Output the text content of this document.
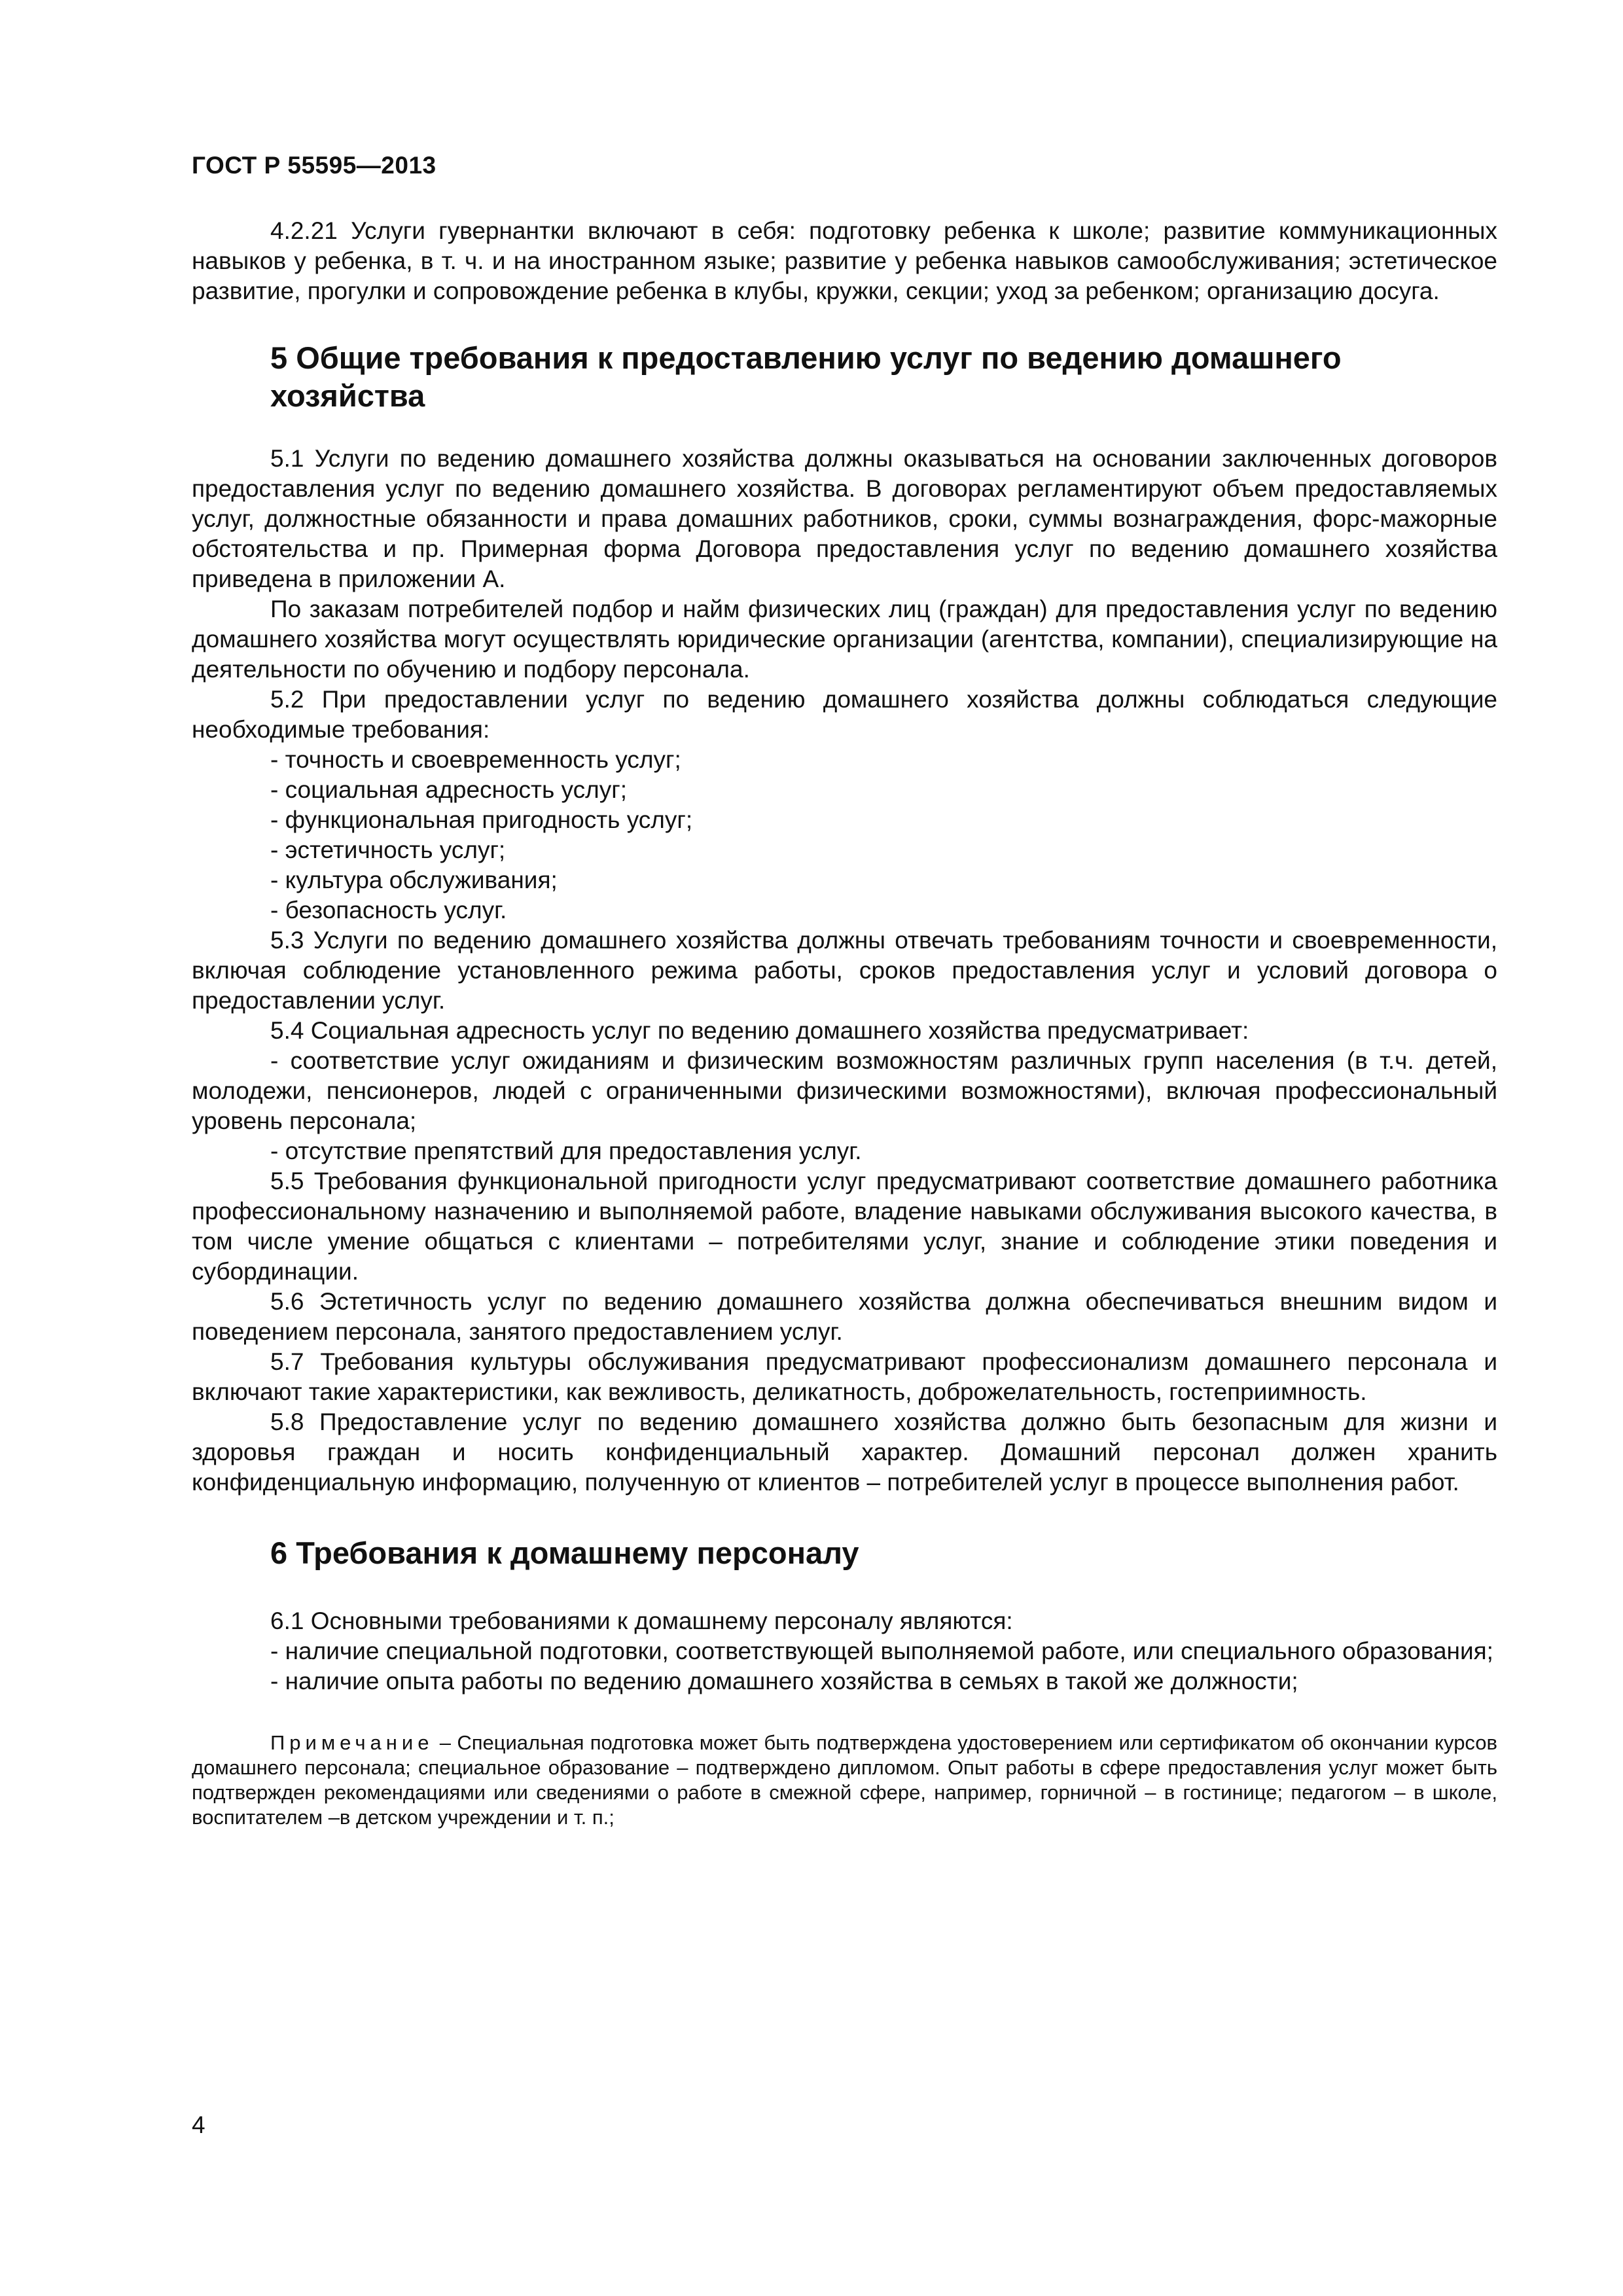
ГОСТ Р 55595—2013

4.2.21 Услуги гувернантки включают в себя: подготовку ребенка к школе; развитие коммуникационных навыков у ребенка, в т. ч. и на иностранном языке; развитие у ребенка навыков самообслуживания; эстетическое развитие, прогулки и сопровождение ребенка в клубы, кружки, секции; уход за ребенком; организацию досуга.

5 Общие требования к предоставлению услуг по ведению домашнего хозяйства

5.1 Услуги по ведению домашнего хозяйства должны оказываться на основании заключенных договоров предоставления услуг по ведению домашнего хозяйства. В договорах регламентируют объем предоставляемых услуг, должностные обязанности и права домашних работников, сроки, суммы вознаграждения, форс-мажорные обстоятельства и пр. Примерная форма Договора предоставления услуг по ведению домашнего хозяйства приведена в приложении А.

По заказам потребителей подбор и найм физических лиц (граждан) для предоставления услуг по ведению домашнего хозяйства могут осуществлять юридические организации (агентства, компании), специализирующие на деятельности по обучению и подбору персонала.

5.2 При предоставлении услуг по ведению домашнего хозяйства должны соблюдаться следующие необходимые требования:

- точность и своевременность услуг;

- социальная адресность услуг;

- функциональная пригодность услуг;

- эстетичность услуг;

- культура обслуживания;

- безопасность услуг.

5.3 Услуги по ведению домашнего хозяйства должны отвечать требованиям точности и своевременности, включая соблюдение установленного режима работы, сроков предоставления услуг и условий договора о предоставлении услуг.

5.4 Социальная адресность услуг по ведению домашнего хозяйства предусматривает:

- соответствие услуг ожиданиям и физическим возможностям различных групп населения (в т.ч. детей, молодежи, пенсионеров, людей с ограниченными физическими возможностями), включая профессиональный уровень персонала;

- отсутствие препятствий для предоставления услуг.

5.5 Требования функциональной пригодности услуг предусматривают соответствие домашнего работника профессиональному назначению и выполняемой работе, владение навыками обслуживания высокого качества, в том числе умение общаться с клиентами – потребителями услуг, знание и соблюдение этики поведения и субординации.

5.6 Эстетичность услуг по ведению домашнего хозяйства должна обеспечиваться внешним видом и поведением персонала, занятого предоставлением услуг.

5.7 Требования культуры обслуживания предусматривают профессионализм домашнего персонала и включают такие характеристики, как вежливость, деликатность, доброжелательность, гостеприимность.

5.8 Предоставление услуг по ведению домашнего хозяйства должно быть безопасным для жизни и здоровья граждан и носить конфиденциальный характер. Домашний персонал должен хранить конфиденциальную информацию, полученную от клиентов – потребителей услуг в процессе выполнения работ.

6 Требования к домашнему персоналу

6.1 Основными требованиями к домашнему персоналу являются:

- наличие специальной подготовки, соответствующей выполняемой работе, или специального образования;

- наличие опыта работы по ведению домашнего хозяйства в семьях в такой же должности;

Примечание – Специальная подготовка может быть подтверждена удостоверением или сертификатом об окончании курсов домашнего персонала; специальное образование – подтверждено дипломом. Опыт работы в сфере предоставления услуг может быть подтвержден рекомендациями или сведениями о работе в смежной сфере, например, горничной – в гостинице; педагогом – в школе, воспитателем –в детском учреждении и т. п.;

4
